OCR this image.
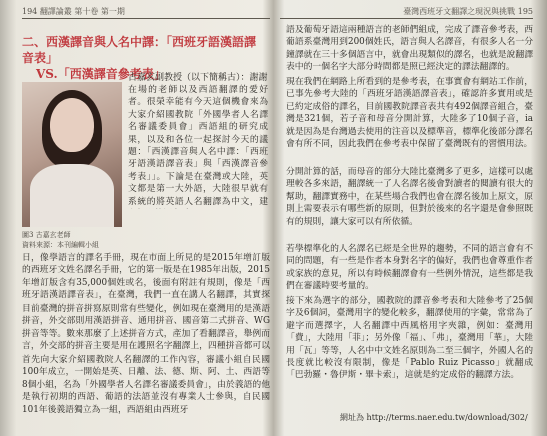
194 翻譯論叢 第十卷 第一期
二、西漢譯音與人名中譯：「西班牙語漢語譯音表」
VS.「西漢譯音參考表」
古嘉玄副教授（以下簡稱古）：謝謝
圖3 古嘉玄老師
資料來源：本刊編輯小組

在場的老師以及西語翻譯的愛好者。很榮幸能有今天這個機會來為大家介紹國教院「外國學者人名譯名審議委員會」西語組的研究成果，以及和各位一起探討今天的議題：「西漢譯音與人名中譯：「西班牙語漢語譯音表」與「西漢譯音參考表」」。下論是在臺灣或大陸，英文都是第一大外語，大陸很早就有系統的將英語人名翻譯為中文，建

日，像學語言的譯名手冊，現在市面上所見的是2015年增訂版的西班牙文姓名譯名手冊，它的第一版是在1985年出版，2015年增訂版含有35,000個姓或名，後面有附註有規則，像是「西班牙語漢語譯音表」，在臺灣，我們一直在講人名翻譯，其實探

目前臺灣的拼音拼寫原則常有些變化，例如現在臺灣用的是漢語拼音，外交部則用漢語拼音、通用拼音、國音第二式拼音、WG拼音等等。數來那麼了上述拼音方式，產加了看翻譯音，舉例而言，外交部的拼音主要是用在護照名字翻譯上，四種拼音都可以

首先向大家介紹國教院人名翻譯的工作內容，審議小組自民國100年成立，一開始是英、日離、法、德、斯、阿、土、西語等8個小組，名為「外國學者人名譯名審議委員會」，由於義語的他是執行初期的西語、葡語的法語並沒有專業人士參與，自民國101年後義語獨立為一組，西語組由西班牙

臺灣西班牙文翻譯之現況與挑戰 195

語及葡萄牙語這兩種語言的老師們組成，完成了譯音參考表，西葡語系臺灣用到200個姓氏，語言與人名譯音，有很多人名一分鐘譯就在三十多個語言中，就會出現類似的譯名，也就是說翻譯表中的一個名字大部分時間都是照已經決定的譯法翻譯的。

現在我們在網路上所看到的是參考表，在事實會有網站工作前，已事先參考大陸的「西班牙語漢語譯音表」，確認許多實用或是已約定成俗的譯名，目前國教院譯音表共有492個譯音組合，臺灣是321個，若子音和母音分開計算，大陸多了10個子音，ia就是因為是台灣過去使用的注音以及標準音，標準化後部分譯名會有所不同，因此我們在參考表中保留了臺灣既有的習慣用法。

分開計算的話，而母音的部分大陸比臺灣多了更多，這樣可以處理較各多來語，翻譯統一了人名譯名後會對讀者的閱讀有很大的幫助，翻譯實務中，在某些場合我們也會在譯名後加上原文，原則上需要表示有哪些新的原則，但對於後來的名字還是會參照既有的規則，讓大家可以有所依循。

若學標準化的人名譯名已經是全世界的趨勢，不同的語言會有不同的問題，有一些是作者本身對名字的偏好，我們也會尊重作者或家族的意見，所以有時候翻譯會有一些例外情況，這些都是我們在審議時要考量的。

接下來為選字的部分，國教院的譯音參考表和大陸參考了25個字及6個詞，臺灣用字的變化較多，翻譯使用的字彙，常常為了避字而選擇字，人名翻譯中西風格用字夾雜，例如：臺灣用「費」，大陸用「菲」；另外像「福」、「弗」，臺灣用「華」，大陸用「瓦」等等，人名中中文姓名原則為二至三個字，外國人名的長度就比較沒有限制，像是「Pablo Ruiz Picasso」就翻成「巴勃羅・魯伊斯・畢卡索」，這就是約定成俗的翻譯方法。

網址為 http://terms.naer.edu.tw/download/302/
